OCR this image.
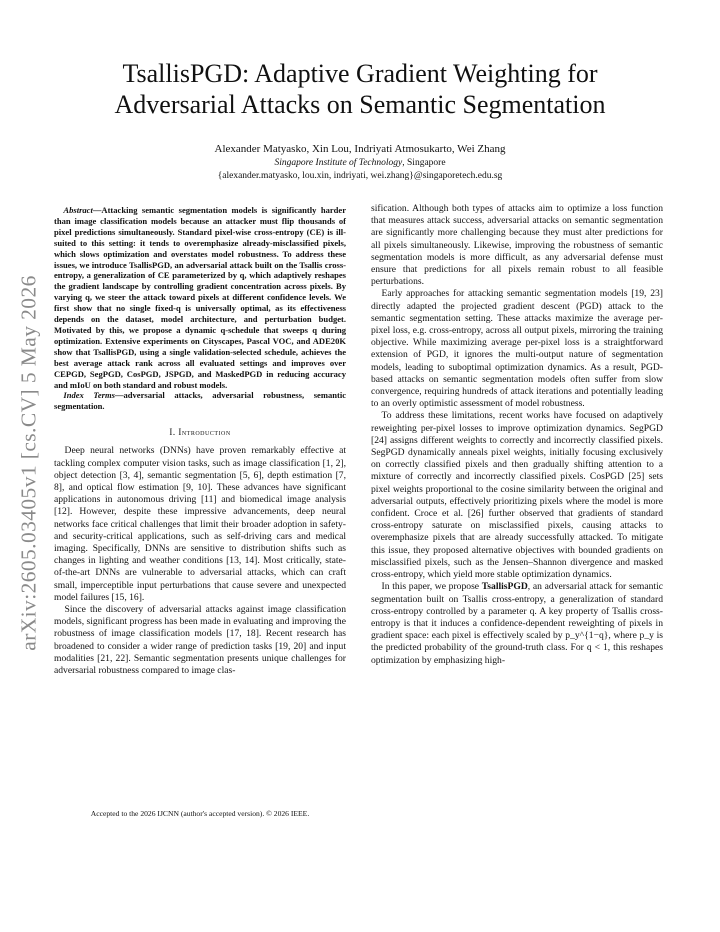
arXiv:2605.03405v1 [cs.CV] 5 May 2026
TsallisPGD: Adaptive Gradient Weighting for
Adversarial Attacks on Semantic Segmentation
Alexander Matyasko, Xin Lou, Indriyati Atmosukarto, Wei Zhang
Singapore Institute of Technology, Singapore
{alexander.matyasko, lou.xin, indriyati, wei.zhang}@singaporetech.edu.sg

Abstract—Attacking semantic segmentation models is significantly harder than image classification models because an attacker must flip thousands of pixel predictions simultaneously. Standard pixel-wise cross-entropy (CE) is ill-suited to this setting: it tends to overemphasize already-misclassified pixels, which slows optimization and overstates model robustness. To address these issues, we introduce TsallisPGD, an adversarial attack built on the Tsallis cross-entropy, a generalization of CE parameterized by q, which adaptively reshapes the gradient landscape by controlling gradient concentration across pixels. By varying q, we steer the attack toward pixels at different confidence levels. We first show that no single fixed-q is universally optimal, as its effectiveness depends on the dataset, model architecture, and perturbation budget. Motivated by this, we propose a dynamic q-schedule that sweeps q during optimization. Extensive experiments on Cityscapes, Pascal VOC, and ADE20K show that TsallisPGD, using a single validation-selected schedule, achieves the best average attack rank across all evaluated settings and improves over CEPGD, SegPGD, CosPGD, JSPGD, and MaskedPGD in reducing accuracy and mIoU on both standard and robust models.

Index Terms—adversarial attacks, adversarial robustness, semantic segmentation.

I. Introduction

Deep neural networks (DNNs) have proven remarkably effective at tackling complex computer vision tasks, such as image classification [1, 2], object detection [3, 4], semantic segmentation [5, 6], depth estimation [7, 8], and optical flow estimation [9, 10]. These advances have significant applications in autonomous driving [11] and biomedical image analysis [12]. However, despite these impressive advancements, deep neural networks face critical challenges that limit their broader adoption in safety- and security-critical applications, such as self-driving cars and medical imaging. Specifically, DNNs are sensitive to distribution shifts such as changes in lighting and weather conditions [13, 14]. Most critically, state-of-the-art DNNs are vulnerable to adversarial attacks, which can craft small, imperceptible input perturbations that cause severe and unexpected model failures [15, 16].

Since the discovery of adversarial attacks against image classification models, significant progress has been made in evaluating and improving the robustness of image classification models [17, 18]. Recent research has broadened to consider a wider range of prediction tasks [19, 20] and input modalities [21, 22]. Semantic segmentation presents unique challenges for adversarial robustness compared to image clas-

Accepted to the 2026 IJCNN (author's accepted version). © 2026 IEEE.

sification. Although both types of attacks aim to optimize a loss function that measures attack success, adversarial attacks on semantic segmentation are significantly more challenging because they must alter predictions for all pixels simultaneously. Likewise, improving the robustness of semantic segmentation models is more difficult, as any adversarial defense must ensure that predictions for all pixels remain robust to all feasible perturbations.

Early approaches for attacking semantic segmentation models [19, 23] directly adapted the projected gradient descent (PGD) attack to the semantic segmentation setting. These attacks maximize the average per-pixel loss, e.g. cross-entropy, across all output pixels, mirroring the training objective. While maximizing average per-pixel loss is a straightforward extension of PGD, it ignores the multi-output nature of segmentation models, leading to suboptimal optimization dynamics. As a result, PGD-based attacks on semantic segmentation models often suffer from slow convergence, requiring hundreds of attack iterations and potentially leading to an overly optimistic assessment of model robustness.

To address these limitations, recent works have focused on adaptively reweighting per-pixel losses to improve optimization dynamics. SegPGD [24] assigns different weights to correctly and incorrectly classified pixels. SegPGD dynamically anneals pixel weights, initially focusing exclusively on correctly classified pixels and then gradually shifting attention to a mixture of correctly and incorrectly classified pixels. CosPGD [25] sets pixel weights proportional to the cosine similarity between the original and adversarial outputs, effectively prioritizing pixels where the model is more confident. Croce et al. [26] further observed that gradients of standard cross-entropy saturate on misclassified pixels, causing attacks to overemphasize pixels that are already successfully attacked. To mitigate this issue, they proposed alternative objectives with bounded gradients on misclassified pixels, such as the Jensen–Shannon divergence and masked cross-entropy, which yield more stable optimization dynamics.

In this paper, we propose TsallisPGD, an adversarial attack for semantic segmentation built on Tsallis cross-entropy, a generalization of standard cross-entropy controlled by a parameter q. A key property of Tsallis cross-entropy is that it induces a confidence-dependent reweighting of pixels in gradient space: each pixel is effectively scaled by p_y^{1−q}, where p_y is the predicted probability of the ground-truth class. For q < 1, this reshapes optimization by emphasizing high-
